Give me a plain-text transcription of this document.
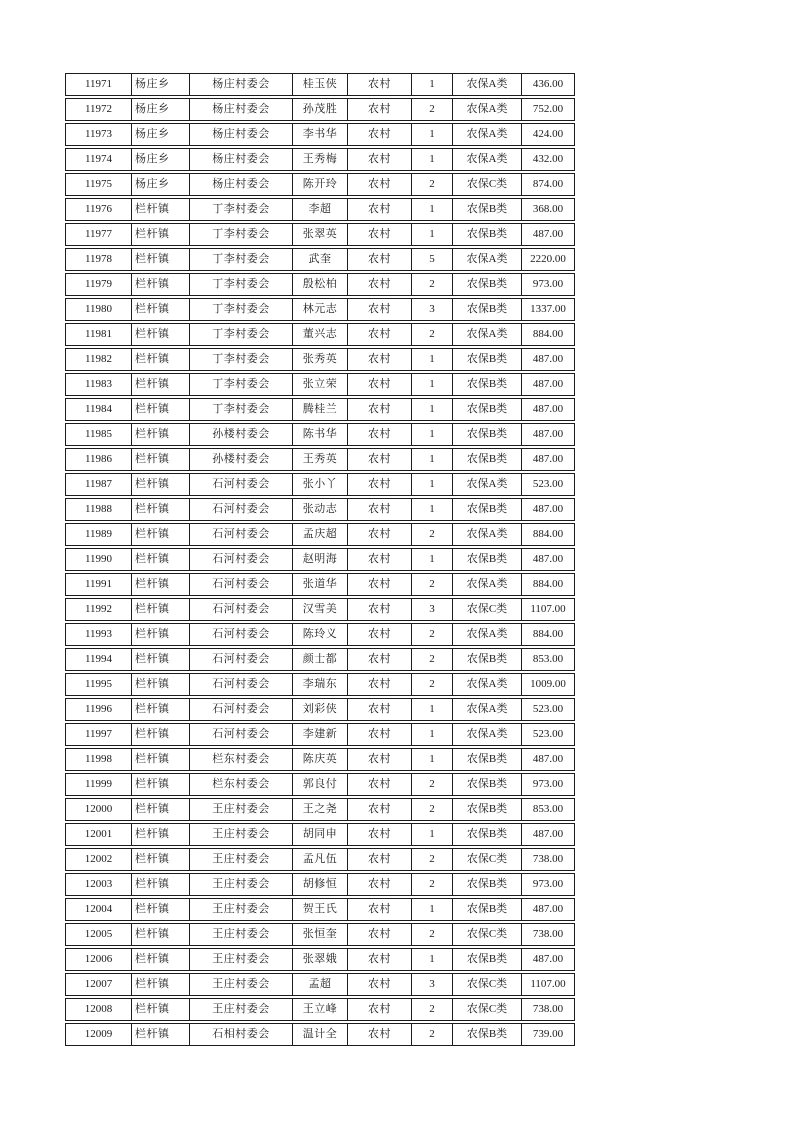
11971	杨庄乡	杨庄村委会	桂玉侠	农村	1	农保A类	436.00
11972	杨庄乡	杨庄村委会	孙茂胜	农村	2	农保A类	752.00
11973	杨庄乡	杨庄村委会	李书华	农村	1	农保A类	424.00
11974	杨庄乡	杨庄村委会	王秀梅	农村	1	农保A类	432.00
11975	杨庄乡	杨庄村委会	陈开玲	农村	2	农保C类	874.00
11976	栏杆镇	丁李村委会	李超	农村	1	农保B类	368.00
11977	栏杆镇	丁李村委会	张翠英	农村	1	农保B类	487.00
11978	栏杆镇	丁李村委会	武奎	农村	5	农保A类	2220.00
11979	栏杆镇	丁李村委会	殷松柏	农村	2	农保B类	973.00
11980	栏杆镇	丁李村委会	林元志	农村	3	农保B类	1337.00
11981	栏杆镇	丁李村委会	董兴志	农村	2	农保A类	884.00
11982	栏杆镇	丁李村委会	张秀英	农村	1	农保B类	487.00
11983	栏杆镇	丁李村委会	张立荣	农村	1	农保B类	487.00
11984	栏杆镇	丁李村委会	腾桂兰	农村	1	农保B类	487.00
11985	栏杆镇	孙楼村委会	陈书华	农村	1	农保B类	487.00
11986	栏杆镇	孙楼村委会	王秀英	农村	1	农保B类	487.00
11987	栏杆镇	石河村委会	张小丫	农村	1	农保A类	523.00
11988	栏杆镇	石河村委会	张动志	农村	1	农保B类	487.00
11989	栏杆镇	石河村委会	孟庆超	农村	2	农保A类	884.00
11990	栏杆镇	石河村委会	赵明海	农村	1	农保B类	487.00
11991	栏杆镇	石河村委会	张道华	农村	2	农保A类	884.00
11992	栏杆镇	石河村委会	汉雪美	农村	3	农保C类	1107.00
11993	栏杆镇	石河村委会	陈玲义	农村	2	农保A类	884.00
11994	栏杆镇	石河村委会	颜士都	农村	2	农保B类	853.00
11995	栏杆镇	石河村委会	李瑞东	农村	2	农保A类	1009.00
11996	栏杆镇	石河村委会	刘彩侠	农村	1	农保A类	523.00
11997	栏杆镇	石河村委会	李建新	农村	1	农保A类	523.00
11998	栏杆镇	栏东村委会	陈庆英	农村	1	农保B类	487.00
11999	栏杆镇	栏东村委会	郭良付	农村	2	农保B类	973.00
12000	栏杆镇	王庄村委会	王之尧	农村	2	农保B类	853.00
12001	栏杆镇	王庄村委会	胡同申	农村	1	农保B类	487.00
12002	栏杆镇	王庄村委会	孟凡伍	农村	2	农保C类	738.00
12003	栏杆镇	王庄村委会	胡修恒	农村	2	农保B类	973.00
12004	栏杆镇	王庄村委会	贺王氏	农村	1	农保B类	487.00
12005	栏杆镇	王庄村委会	张恒奎	农村	2	农保C类	738.00
12006	栏杆镇	王庄村委会	张翠娥	农村	1	农保B类	487.00
12007	栏杆镇	王庄村委会	孟超	农村	3	农保C类	1107.00
12008	栏杆镇	王庄村委会	王立峰	农村	2	农保C类	738.00
12009	栏杆镇	石相村委会	温计全	农村	2	农保B类	739.00
